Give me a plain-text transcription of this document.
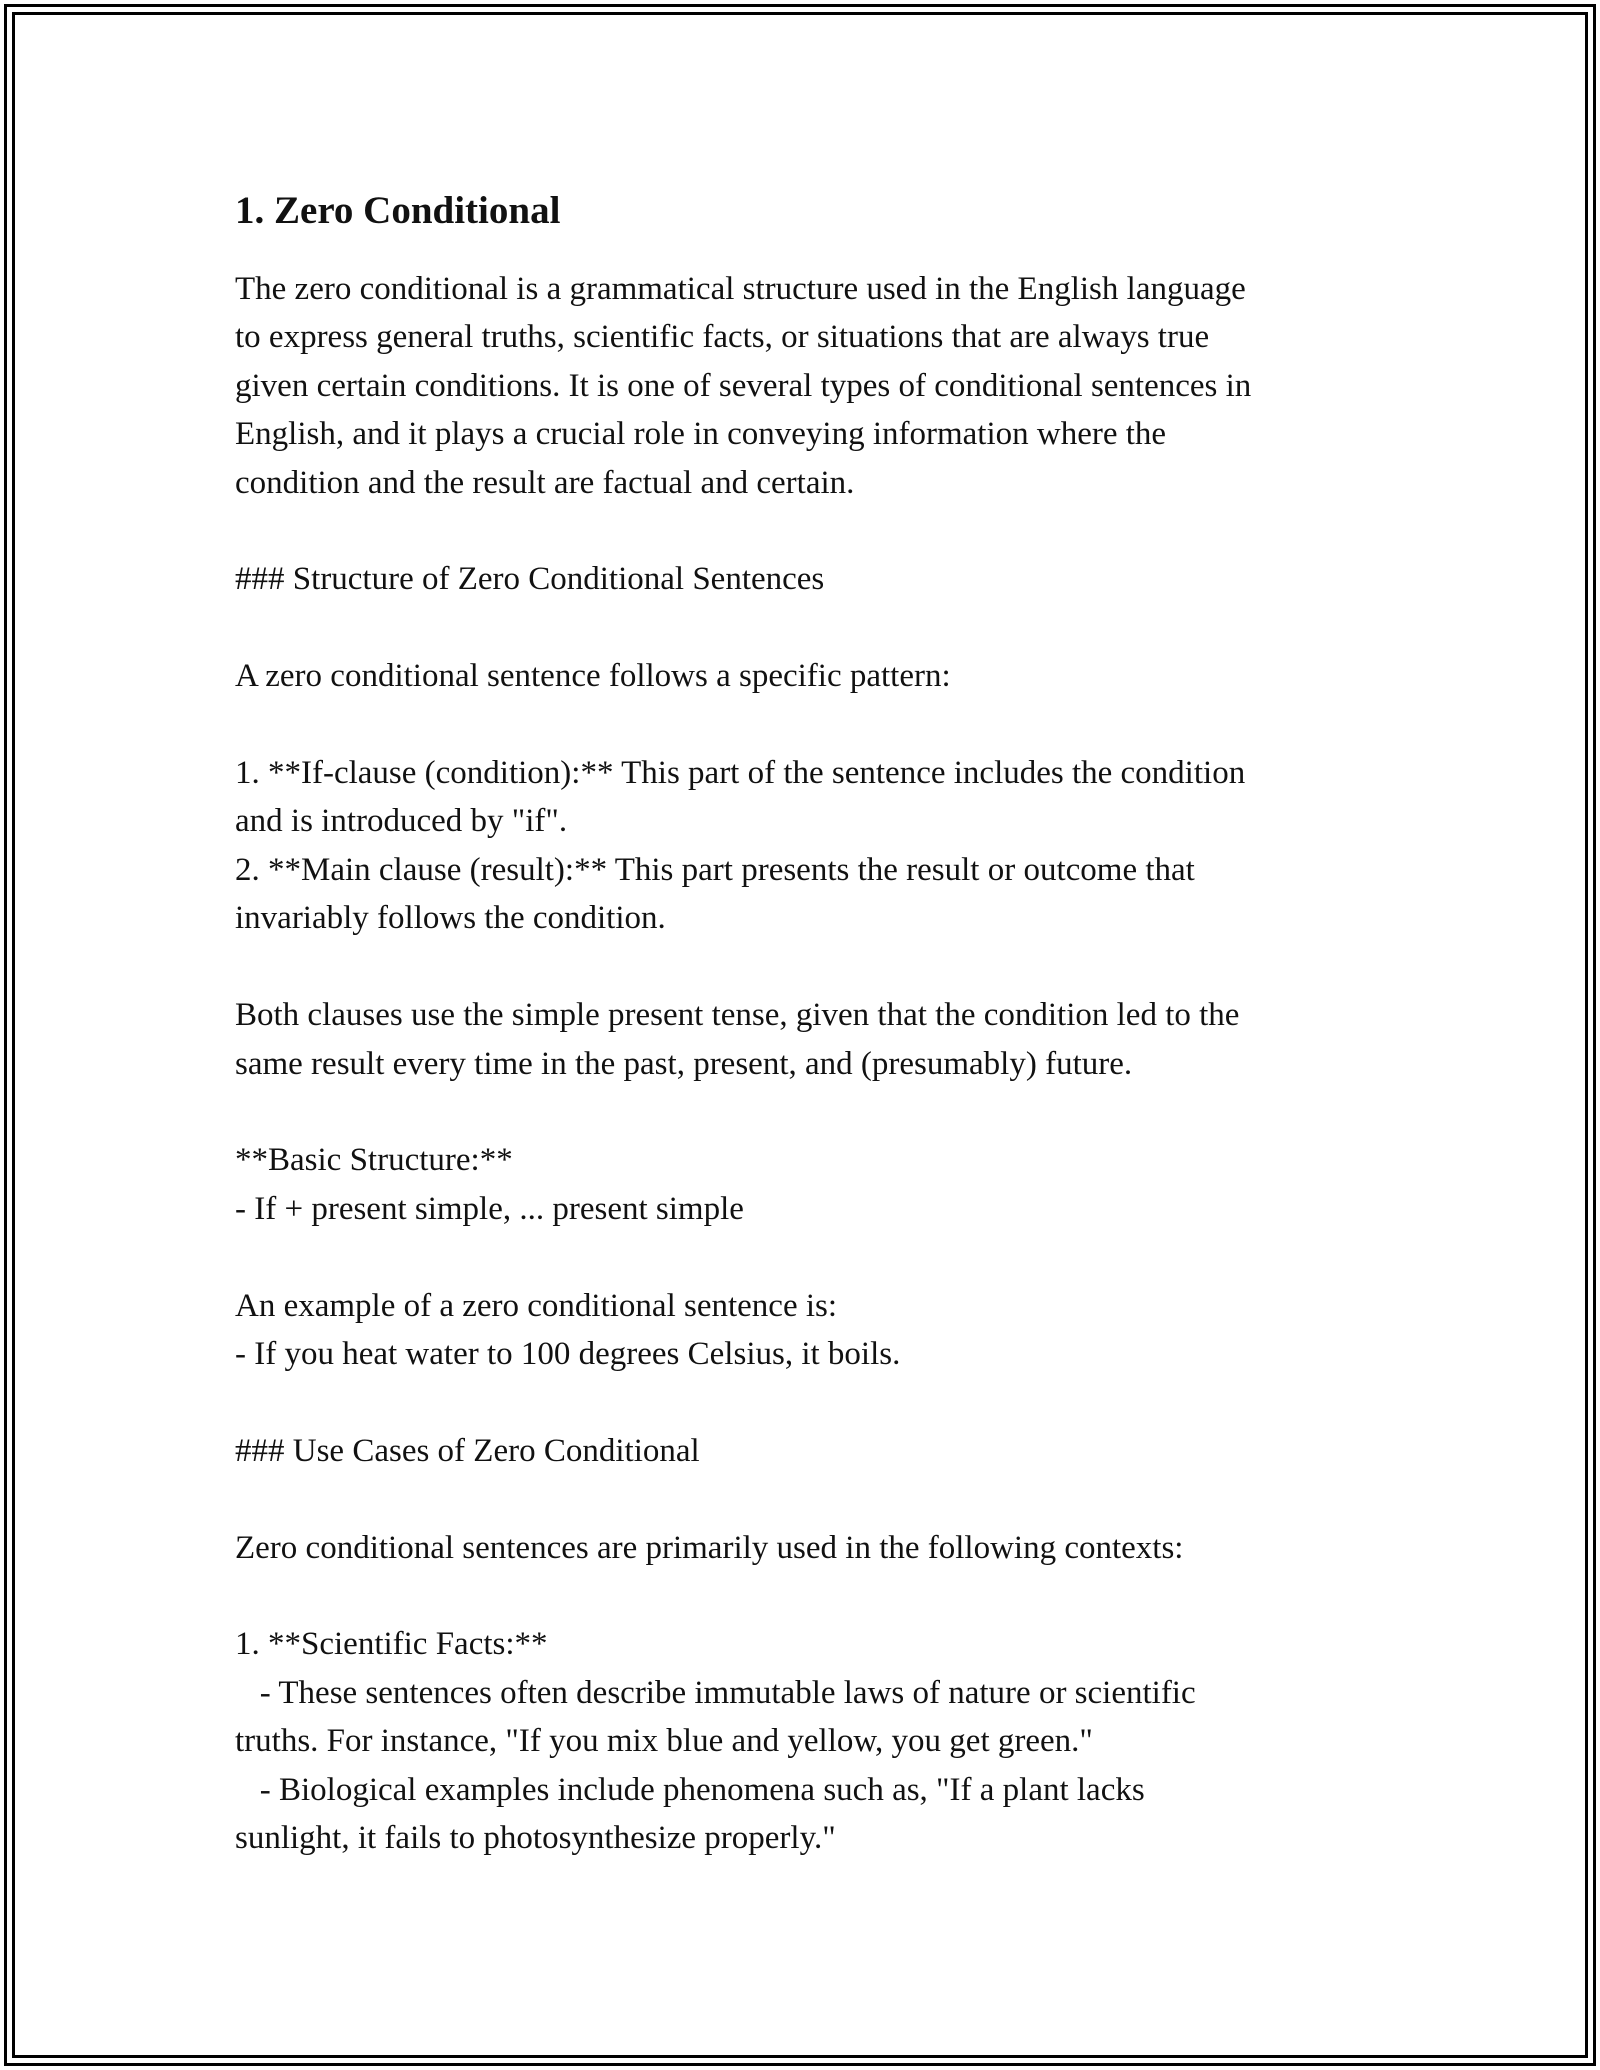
1. Zero Conditional

The zero conditional is a grammatical structure used in the English language
to express general truths, scientific facts, or situations that are always true
given certain conditions. It is one of several types of conditional sentences in
English, and it plays a crucial role in conveying information where the
condition and the result are factual and certain.

### Structure of Zero Conditional Sentences

A zero conditional sentence follows a specific pattern:

1. **If-clause (condition):** This part of the sentence includes the condition
and is introduced by "if".
2. **Main clause (result):** This part presents the result or outcome that
invariably follows the condition.

Both clauses use the simple present tense, given that the condition led to the
same result every time in the past, present, and (presumably) future.

**Basic Structure:**
- If + present simple, ... present simple

An example of a zero conditional sentence is:
- If you heat water to 100 degrees Celsius, it boils.

### Use Cases of Zero Conditional

Zero conditional sentences are primarily used in the following contexts:

1. **Scientific Facts:**
- These sentences often describe immutable laws of nature or scientific
truths. For instance, "If you mix blue and yellow, you get green."
- Biological examples include phenomena such as, "If a plant lacks
sunlight, it fails to photosynthesize properly."
